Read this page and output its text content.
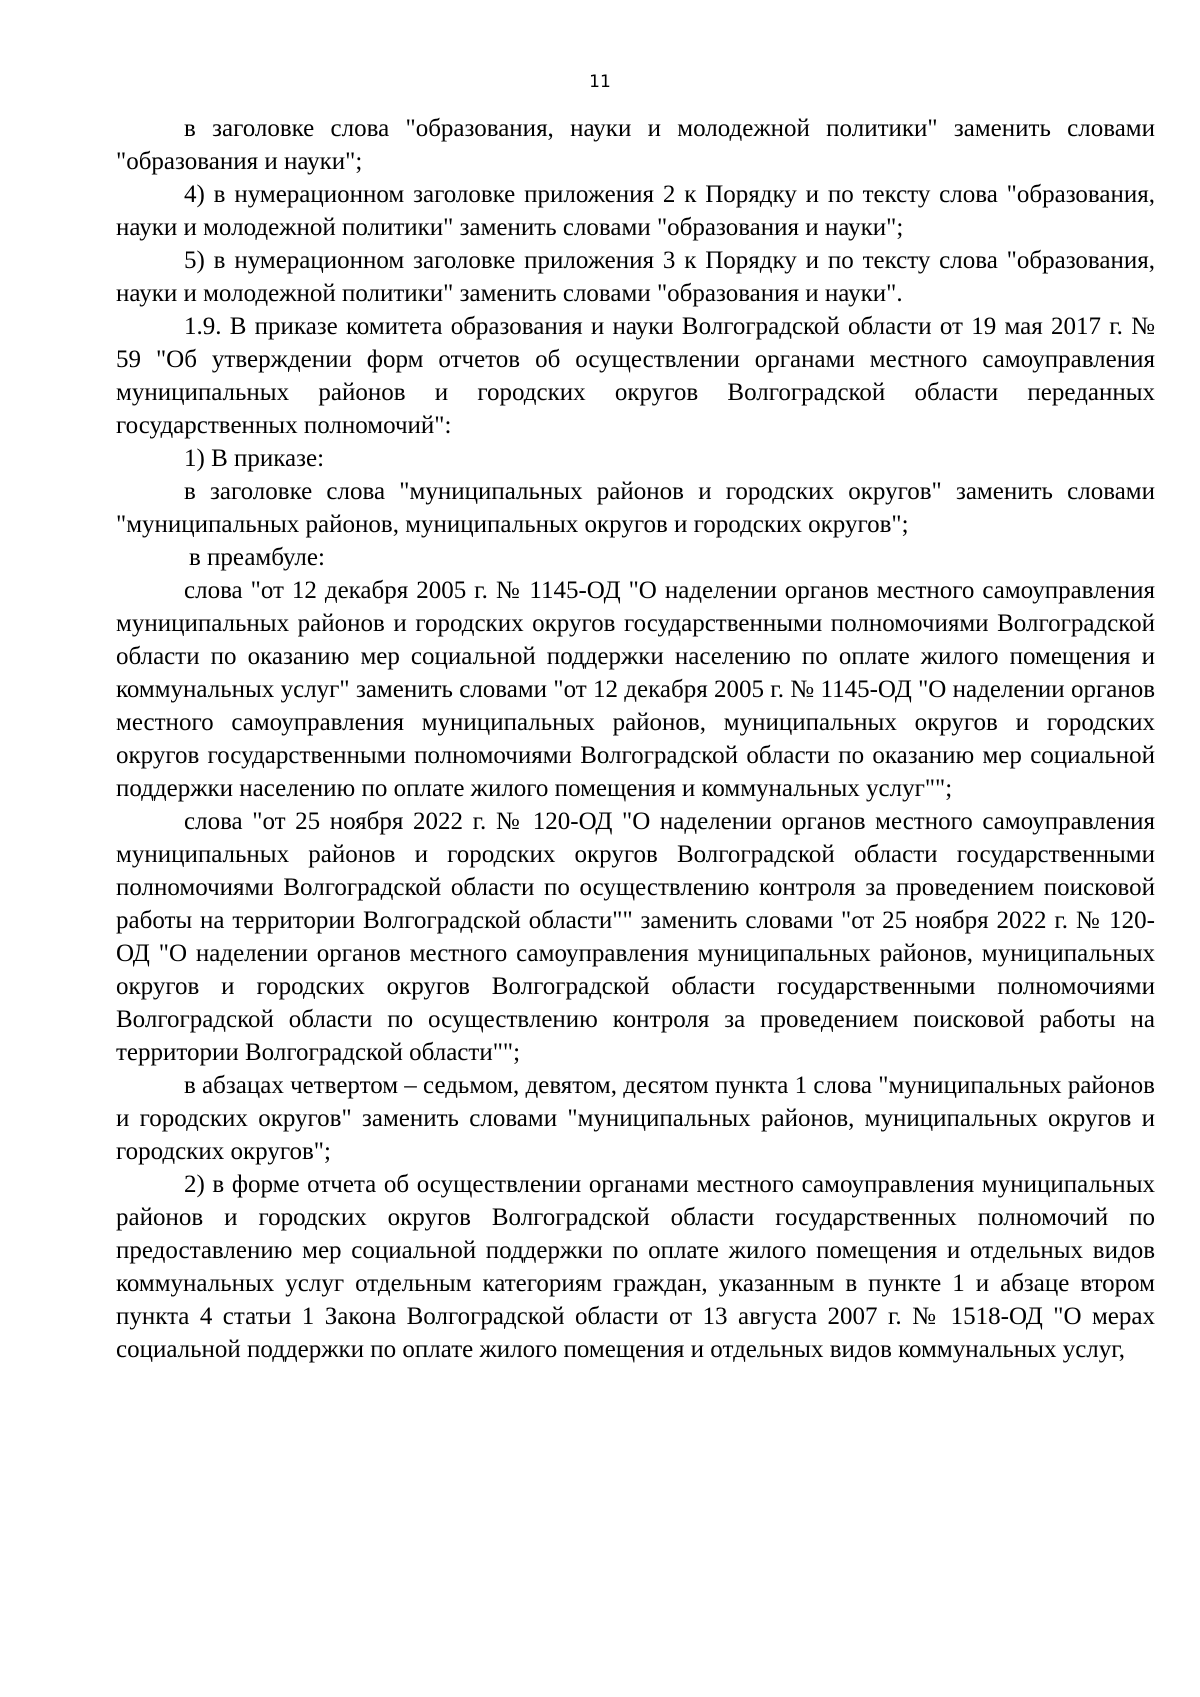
11

в заголовке слова "образования, науки и молодежной политики" заменить словами "образования и науки";

4) в нумерационном заголовке приложения 2 к Порядку и по тексту слова "образования, науки и молодежной политики" заменить словами "образования и науки";

5) в нумерационном заголовке приложения 3 к Порядку и по тексту слова "образования, науки и молодежной политики" заменить словами "образования и науки".

1.9. В приказе комитета образования и науки Волгоградской области от 19 мая 2017 г. № 59 "Об утверждении форм отчетов об осуществлении органами местного самоуправления муниципальных районов и городских округов Волгоградской области переданных государственных полномочий":

1) В приказе:

в заголовке слова "муниципальных районов и городских округов" заменить словами "муниципальных районов, муниципальных округов и городских округов";

в преамбуле:

слова "от 12 декабря 2005 г. № 1145-ОД "О наделении органов местного самоуправления муниципальных районов и городских округов государственными полномочиями Волгоградской области по оказанию мер социальной поддержки населению по оплате жилого помещения и коммунальных услуг" заменить словами "от 12 декабря 2005 г. № 1145-ОД "О наделении органов местного самоуправления муниципальных районов, муниципальных округов и городских округов государственными полномочиями Волгоградской области по оказанию мер социальной поддержки населению по оплате жилого помещения и коммунальных услуг"";

слова "от 25 ноября 2022 г. № 120-ОД "О наделении органов местного самоуправления муниципальных районов и городских округов Волгоградской области государственными полномочиями Волгоградской области по осуществлению контроля за проведением поисковой работы на территории Волгоградской области"" заменить словами "от 25 ноября 2022 г. № 120-ОД "О наделении органов местного самоуправления муниципальных районов, муниципальных округов и городских округов Волгоградской области государственными полномочиями Волгоградской области по осуществлению контроля за проведением поисковой работы на территории Волгоградской области"";

в абзацах четвертом – седьмом, девятом, десятом пункта 1 слова "муниципальных районов и городских округов" заменить словами "муниципальных районов, муниципальных округов и городских округов";

2) в форме отчета об осуществлении органами местного самоуправления муниципальных районов и городских округов Волгоградской области государственных полномочий по предоставлению мер социальной поддержки по оплате жилого помещения и отдельных видов коммунальных услуг отдельным категориям граждан, указанным в пункте 1 и абзаце втором пункта 4 статьи 1 Закона Волгоградской области от 13 августа 2007 г. № 1518-ОД "О мерах социальной поддержки по оплате жилого помещения и отдельных видов коммунальных услуг,
